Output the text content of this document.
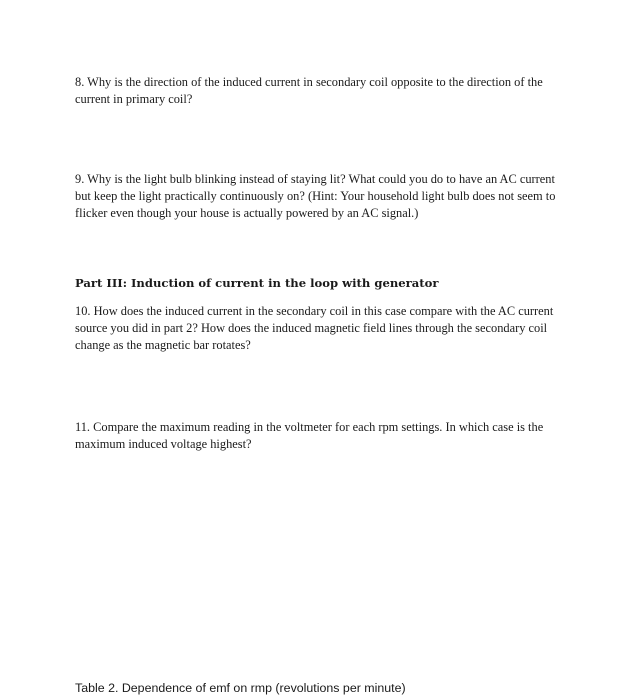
8. Why is the direction of the induced current in secondary coil opposite to the direction of the current in primary coil?

9. Why is the light bulb blinking instead of staying lit? What could you do to have an AC current but keep the light practically continuously on? (Hint: Your household light bulb does not seem to flicker even though your house is actually powered by an AC signal.)

Part III: Induction of current in the loop with generator

10. How does the induced current in the secondary coil in this case compare with the AC current source you did in part 2? How does the induced magnetic field lines through the secondary coil change as the magnetic bar rotates?

11. Compare the maximum reading in the voltmeter for each rpm settings. In which case is the maximum induced voltage highest?

Table 2. Dependence of emf on rmp (revolutions per minute)
